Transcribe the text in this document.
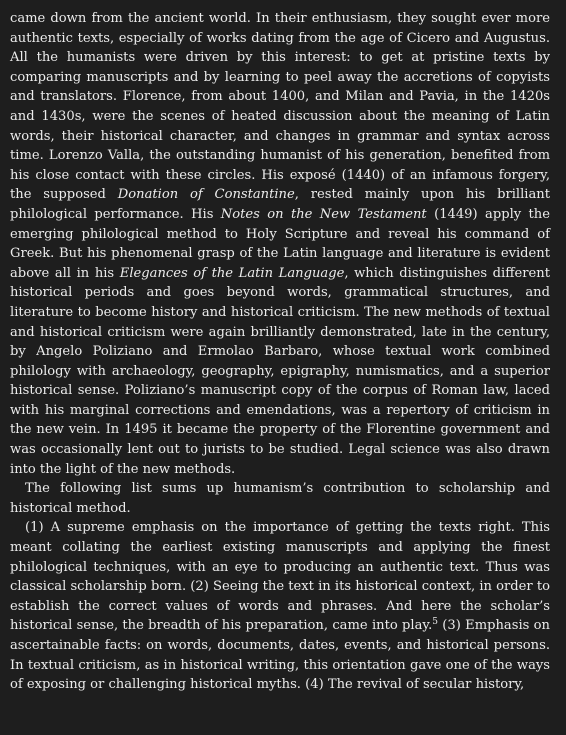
came down from the ancient world. In their enthusiasm, they sought ever more authentic texts, especially of works dating from the age of Cicero and Augustus. All the humanists were driven by this interest: to get at pristine texts by comparing manuscripts and by learning to peel away the accretions of copyists and translators. Florence, from about 1400, and Milan and Pavia, in the 1420s and 1430s, were the scenes of heated discussion about the meaning of Latin words, their historical character, and changes in grammar and syntax across time. Lorenzo Valla, the outstanding humanist of his generation, benefited from his close contact with these circles. His exposé (1440) of an infamous forgery, the supposed Donation of Constantine, rested mainly upon his brilliant philological performance. His Notes on the New Testament (1449) apply the emerging philological method to Holy Scripture and reveal his command of Greek. But his phenomenal grasp of the Latin language and literature is evident above all in his Elegances of the Latin Language, which distinguishes different historical periods and goes beyond words, grammatical structures, and literature to become history and historical criticism. The new methods of textual and historical criticism were again brilliantly demonstrated, late in the century, by Angelo Poliziano and Ermolao Barbaro, whose textual work combined philology with archaeology, geography, epigraphy, numismatics, and a superior historical sense. Poliziano’s manuscript copy of the corpus of Roman law, laced with his marginal corrections and emendations, was a repertory of criticism in the new vein. In 1495 it became the property of the Florentine government and was occasionally lent out to jurists to be studied. Legal science was also drawn into the light of the new methods.

The following list sums up humanism’s contribution to scholarship and historical method.

(1) A supreme emphasis on the importance of getting the texts right. This meant collating the earliest existing manuscripts and applying the finest philological techniques, with an eye to producing an authentic text. Thus was classical scholarship born. (2) Seeing the text in its historical context, in order to establish the correct values of words and phrases. And here the scholar’s historical sense, the breadth of his preparation, came into play.$^5$ (3) Emphasis on ascertainable facts: on words, documents, dates, events, and historical persons. In textual criticism, as in historical writing, this orientation gave one of the ways of exposing or challenging historical myths. (4) The revival of secular history,
